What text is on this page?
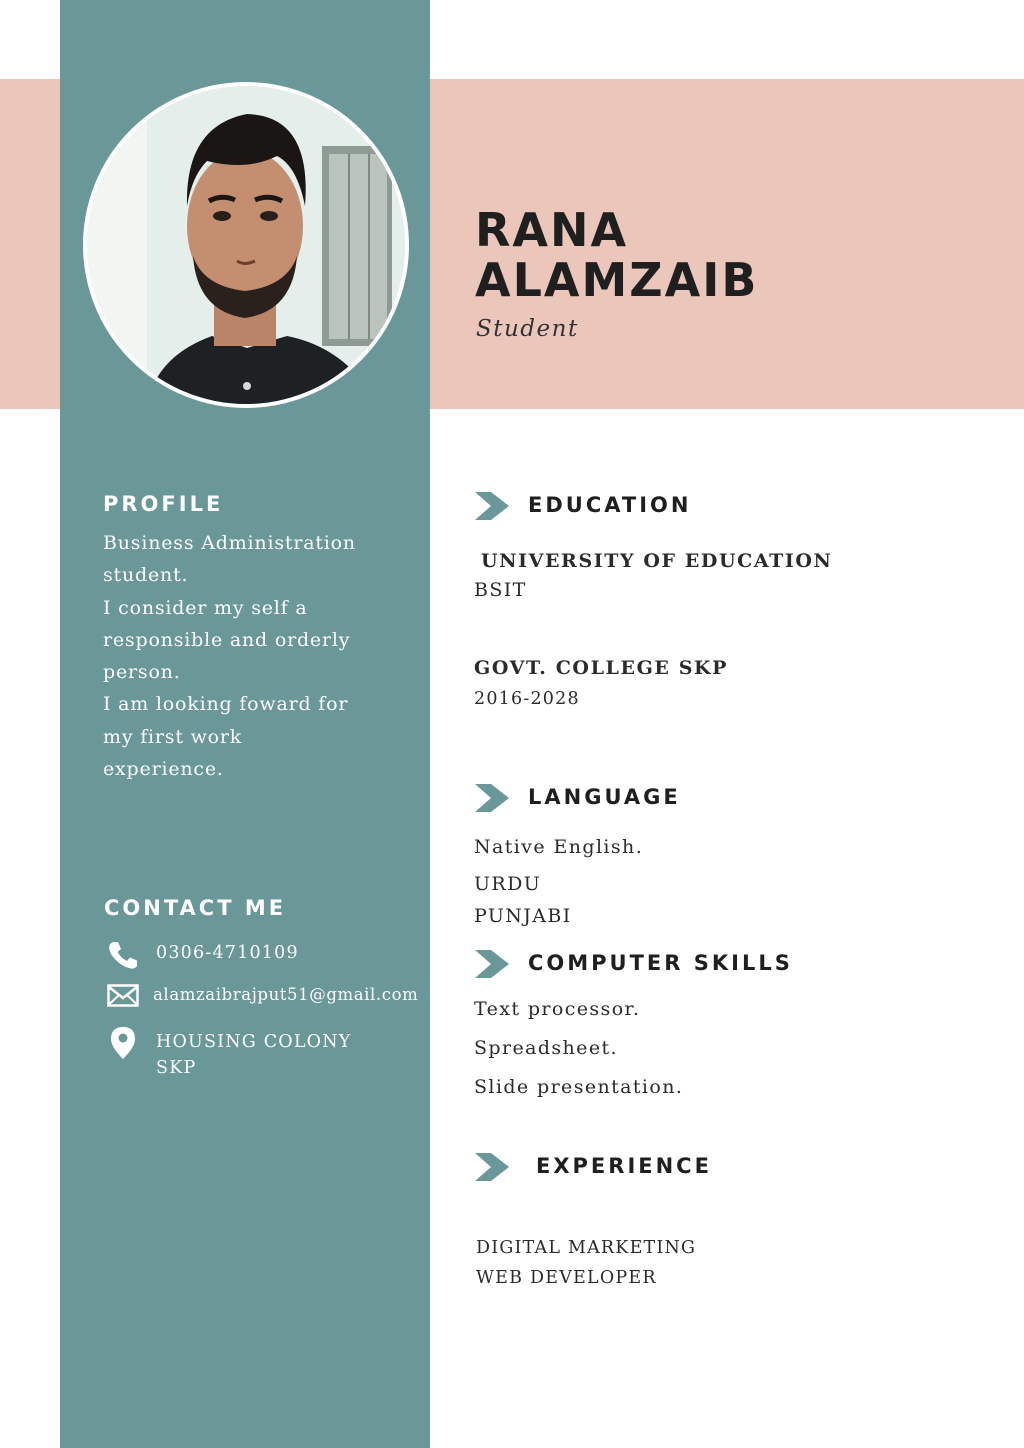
RANA
ALAMZAIB
Student
PROFILE
Business Administration
student.
I consider my self a
responsible and orderly
person.
I am looking foward for
my first work
experience.
CONTACT ME
0306-4710109
alamzaibrajput51@gmail.com
HOUSING COLONY
SKP
EDUCATION
UNIVERSITY OF EDUCATION
BSIT
GOVT. COLLEGE SKP
2016-2028
LANGUAGE
Native English.
URDU
PUNJABI
COMPUTER SKILLS
Text processor.
Spreadsheet.
Slide presentation.
EXPERIENCE
DIGITAL MARKETING
WEB DEVELOPER
